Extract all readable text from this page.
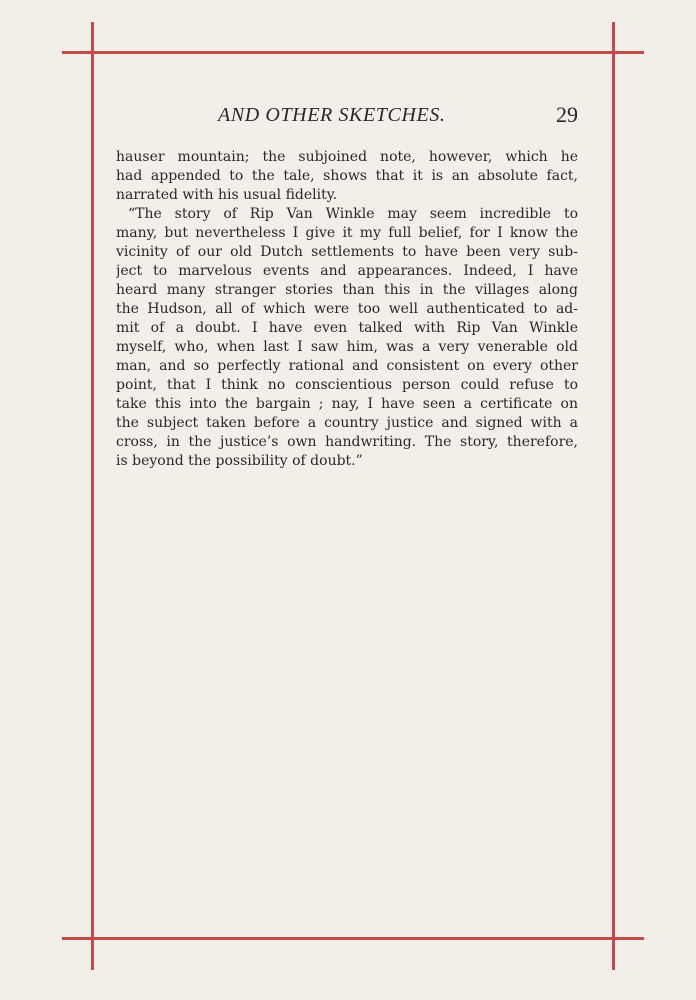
AND OTHER SKETCHES.	29
hauser mountain; the subjoined note, however, which he
had appended to the tale, shows that it is an absolute fact,
narrated with his usual fidelity.
“The story of Rip Van Winkle may seem incredible to
many, but nevertheless I give it my full belief, for I know the
vicinity of our old Dutch settlements to have been very sub-
ject to marvelous events and appearances. Indeed, I have
heard many stranger stories than this in the villages along
the Hudson, all of which were too well authenticated to ad-
mit of a doubt. I have even talked with Rip Van Winkle
myself, who, when last I saw him, was a very venerable old
man, and so perfectly rational and consistent on every other
point, that I think no conscientious person could refuse to
take this into the bargain ; nay, I have seen a certificate on
the subject taken before a country justice and signed with a
cross, in the justice’s own handwriting. The story, therefore,
is beyond the possibility of doubt.”
